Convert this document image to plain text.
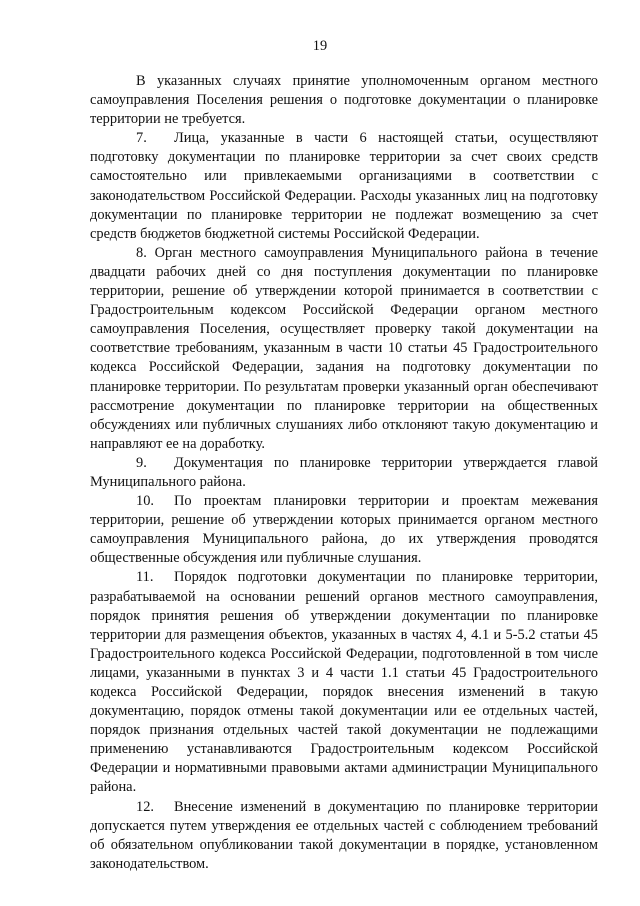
19

В указанных случаях принятие уполномоченным органом местного самоуправления Поселения решения о подготовке документации о планировке территории не требуется.

7. Лица, указанные в части 6 настоящей статьи, осуществляют подготовку документации по планировке территории за счет своих средств самостоятельно или привлекаемыми организациями в соответствии с законодательством Российской Федерации. Расходы указанных лиц на подготовку документации по планировке территории не подлежат возмещению за счет средств бюджетов бюджетной системы Российской Федерации.

8. Орган местного самоуправления Муниципального района в течение двадцати рабочих дней со дня поступления документации по планировке территории, решение об утверждении которой принимается в соответствии с Градостроительным кодексом Российской Федерации органом местного самоуправления Поселения, осуществляет проверку такой документации на соответствие требованиям, указанным в части 10 статьи 45 Градостроительного кодекса Российской Федерации, задания на подготовку документации по планировке территории. По результатам проверки указанный орган обеспечивают рассмотрение документации по планировке территории на общественных обсуждениях или публичных слушаниях либо отклоняют такую документацию и направляют ее на доработку.

9. Документация по планировке территории утверждается главой Муниципального района.

10. По проектам планировки территории и проектам межевания территории, решение об утверждении которых принимается органом местного самоуправления Муниципального района, до их утверждения проводятся общественные обсуждения или публичные слушания.

11. Порядок подготовки документации по планировке территории, разрабатываемой на основании решений органов местного самоуправления, порядок принятия решения об утверждении документации по планировке территории для размещения объектов, указанных в частях 4, 4.1 и 5-5.2 статьи 45 Градостроительного кодекса Российской Федерации, подготовленной в том числе лицами, указанными в пунктах 3 и 4 части 1.1 статьи 45 Градостроительного кодекса Российской Федерации, порядок внесения изменений в такую документацию, порядок отмены такой документации или ее отдельных частей, порядок признания отдельных частей такой документации не подлежащими применению устанавливаются Градостроительным кодексом Российской Федерации и нормативными правовыми актами администрации Муниципального района.

12. Внесение изменений в документацию по планировке территории допускается путем утверждения ее отдельных частей с соблюдением требований об обязательном опубликовании такой документации в порядке, установленном законодательством.
